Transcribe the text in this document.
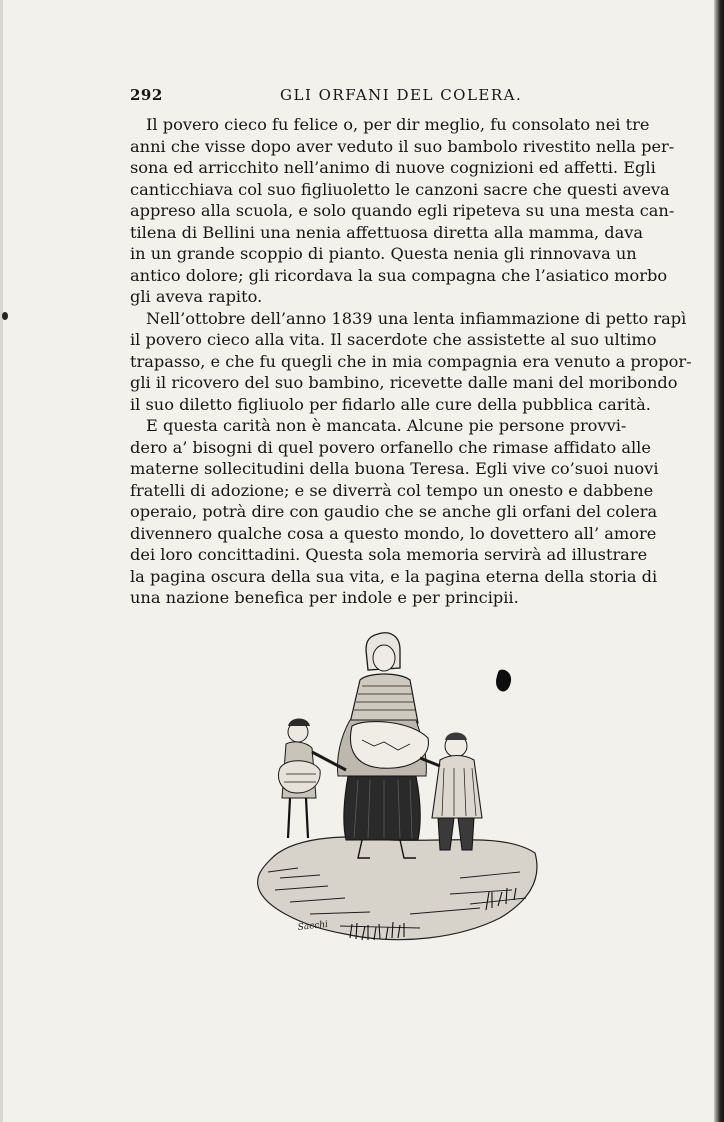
292	GLI ORFANI DEL COLERA.
Il povero cieco fu felice o, per dir meglio, fu consolato nei tre
anni che visse dopo aver veduto il suo bambolo rivestito nella per-
sona ed arricchito nell’animo di nuove cognizioni ed affetti. Egli
canticchiava col suo figliuoletto le canzoni sacre che questi aveva
appreso alla scuola, e solo quando egli ripeteva su una mesta can-
tilena di Bellini una nenia affettuosa diretta alla mamma, dava
in un grande scoppio di pianto. Questa nenia gli rinnovava un
antico dolore; gli ricordava la sua compagna che l’asiatico morbo
gli aveva rapito.
Nell’ottobre dell’anno 1839 una lenta infiammazione di petto rapì
il povero cieco alla vita. Il sacerdote che assistette al suo ultimo
trapasso, e che fu quegli che in mia compagnia era venuto a propor-
gli il ricovero del suo bambino, ricevette dalle mani del moribondo
il suo diletto figliuolo per fidarlo alle cure della pubblica carità.
E questa carità non è mancata. Alcune pie persone provvi-
dero a’ bisogni di quel povero orfanello che rimase affidato alle
materne sollecitudini della buona Teresa. Egli vive co’suoi nuovi
fratelli di adozione; e se diverrà col tempo un onesto e dabbene
operaio, potrà dire con gaudio che se anche gli orfani del colera
divennero qualche cosa a questo mondo, lo dovettero all’ amore
dei loro concittadini. Questa sola memoria servirà ad illustrare
la pagina oscura della sua vita, e la pagina eterna della storia di
una nazione benefica per indole e per principii.
Sacchi
